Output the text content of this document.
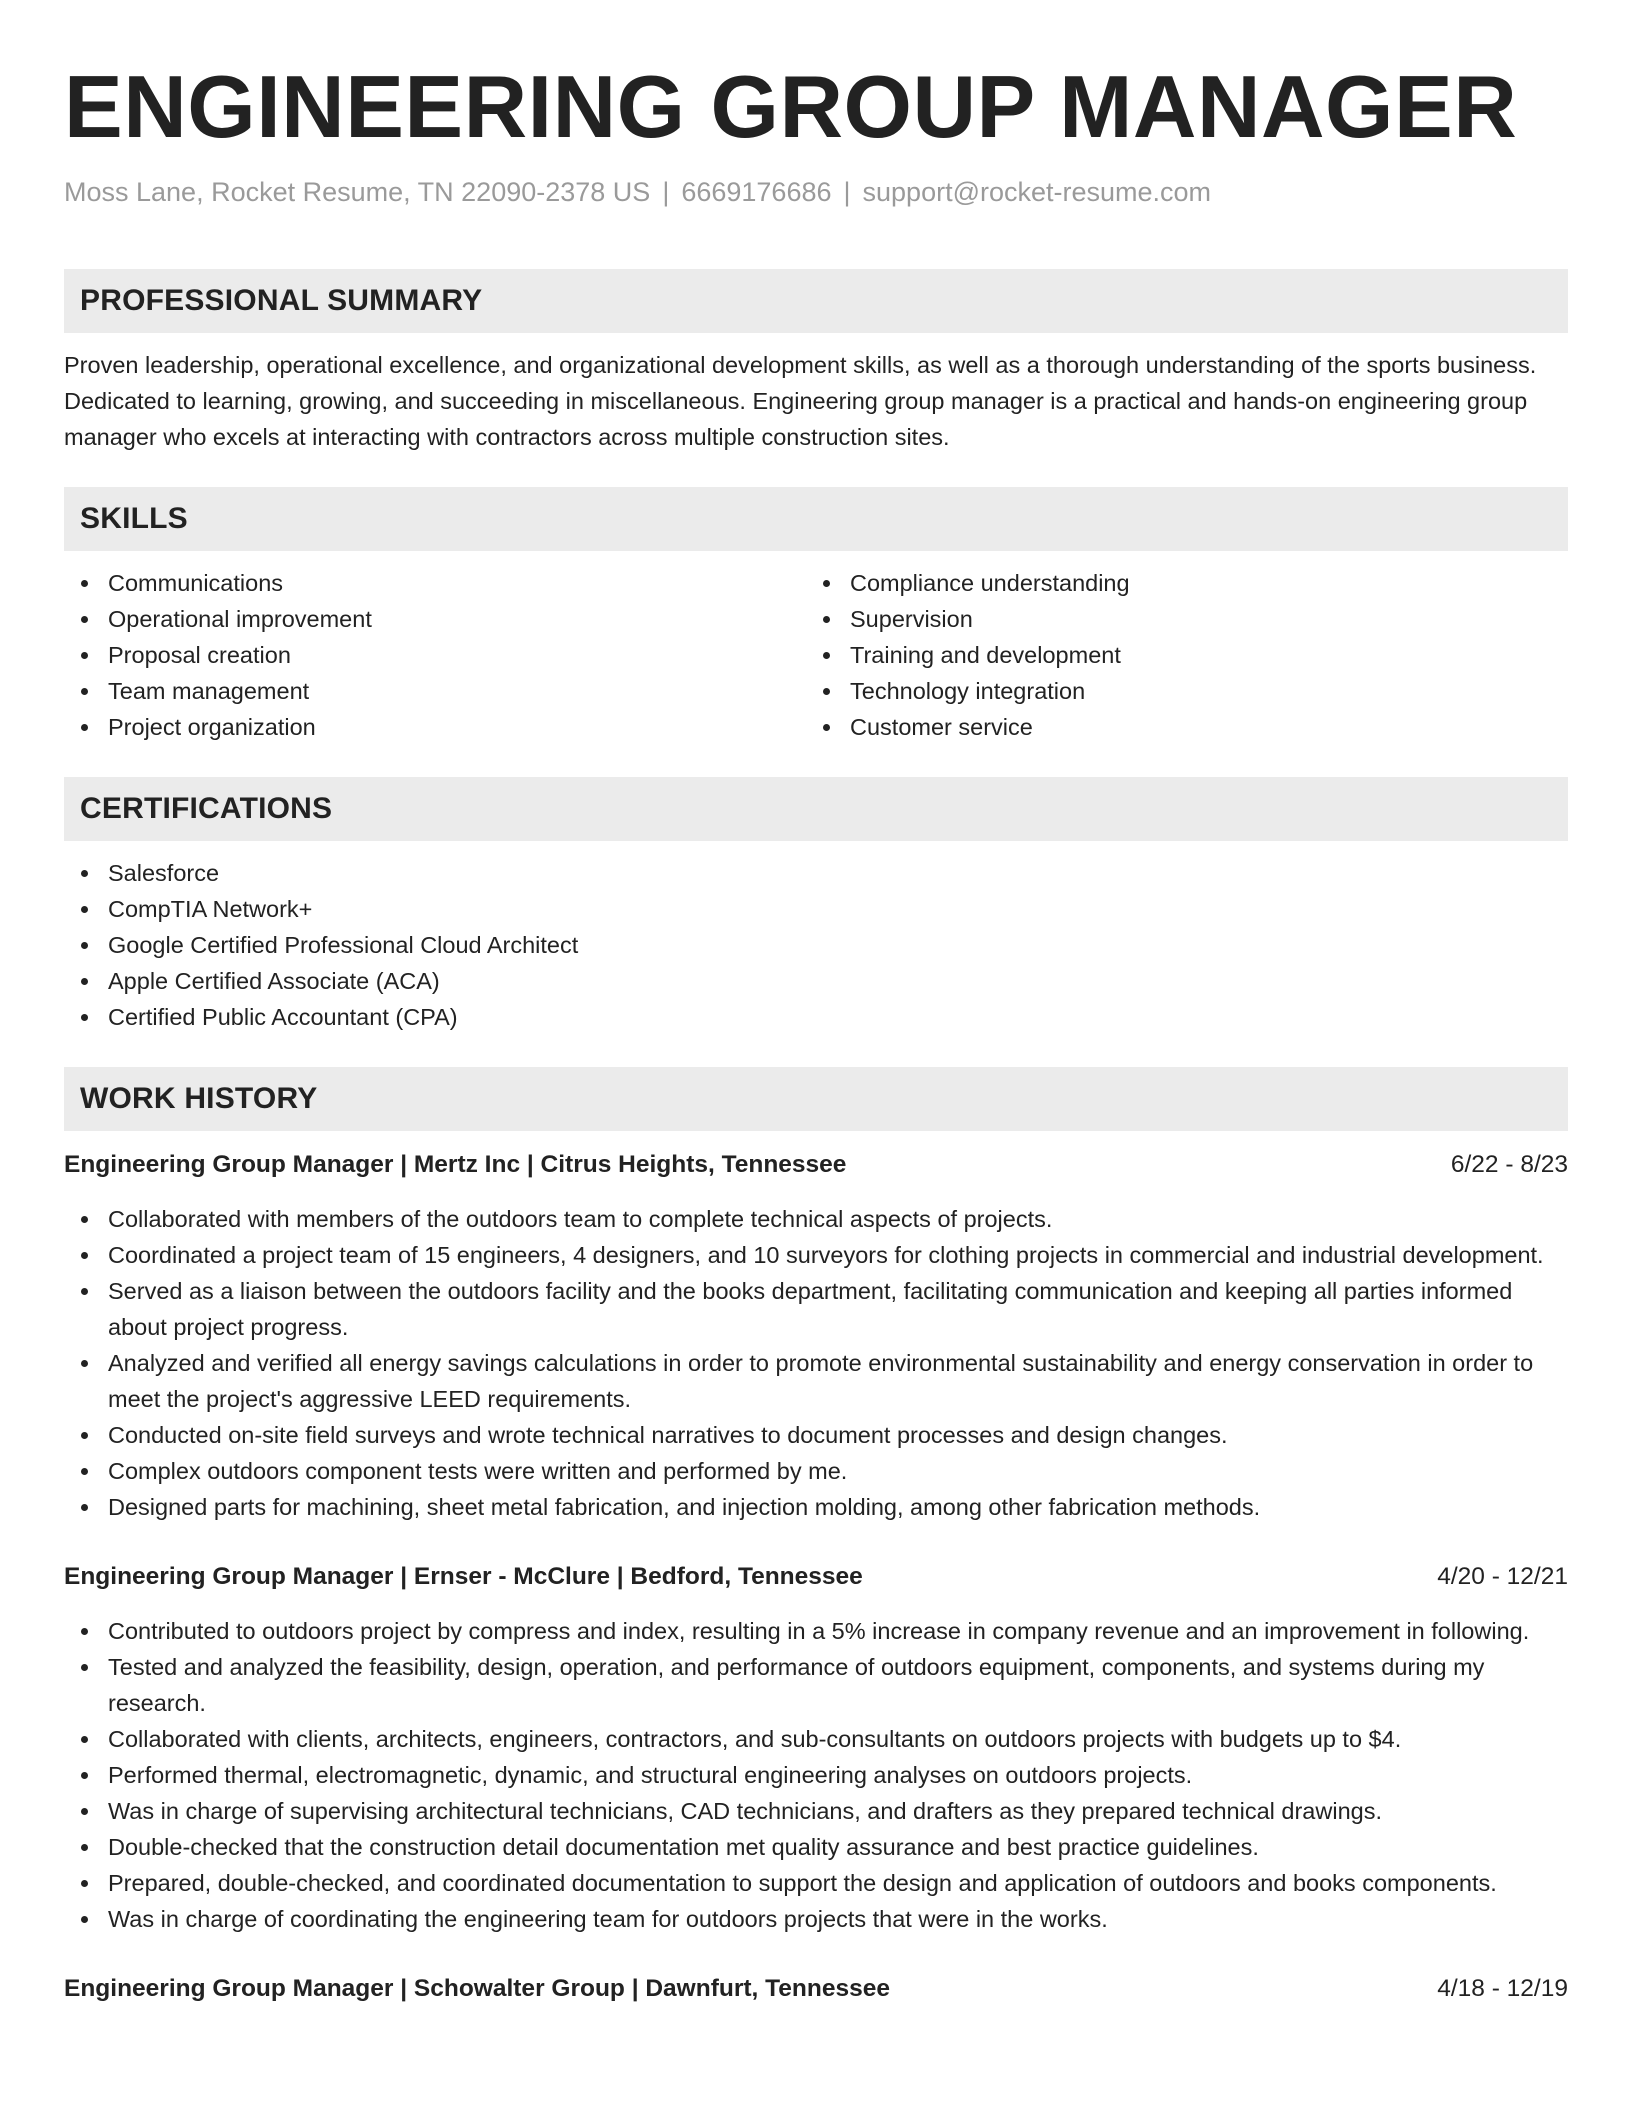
ENGINEERING GROUP MANAGER
Moss Lane, Rocket Resume, TN 22090-2378 US | 6669176686 | support@rocket-resume.com
PROFESSIONAL SUMMARY

Proven leadership, operational excellence, and organizational development skills, as well as a thorough understanding of the sports business. Dedicated to learning, growing, and succeeding in miscellaneous. Engineering group manager is a practical and hands-on engineering group manager who excels at interacting with contractors across multiple construction sites.

SKILLS
Communications
Operational improvement
Proposal creation
Team management
Project organization
Compliance understanding
Supervision
Training and development
Technology integration
Customer service
CERTIFICATIONS
Salesforce
CompTIA Network+
Google Certified Professional Cloud Architect
Apple Certified Associate (ACA)
Certified Public Accountant (CPA)
WORK HISTORY
Engineering Group Manager | Mertz Inc | Citrus Heights, Tennessee	6/22 - 8/23
Collaborated with members of the outdoors team to complete technical aspects of projects.
Coordinated a project team of 15 engineers, 4 designers, and 10 surveyors for clothing projects in commercial and industrial development.
Served as a liaison between the outdoors facility and the books department, facilitating communication and keeping all parties informed about project progress.
Analyzed and verified all energy savings calculations in order to promote environmental sustainability and energy conservation in order to meet the project's aggressive LEED requirements.
Conducted on-site field surveys and wrote technical narratives to document processes and design changes.
Complex outdoors component tests were written and performed by me.
Designed parts for machining, sheet metal fabrication, and injection molding, among other fabrication methods.
Engineering Group Manager | Ernser - McClure | Bedford, Tennessee	4/20 - 12/21
Contributed to outdoors project by compress and index, resulting in a 5% increase in company revenue and an improvement in following.
Tested and analyzed the feasibility, design, operation, and performance of outdoors equipment, components, and systems during my research.
Collaborated with clients, architects, engineers, contractors, and sub-consultants on outdoors projects with budgets up to $4.
Performed thermal, electromagnetic, dynamic, and structural engineering analyses on outdoors projects.
Was in charge of supervising architectural technicians, CAD technicians, and drafters as they prepared technical drawings.
Double-checked that the construction detail documentation met quality assurance and best practice guidelines.
Prepared, double-checked, and coordinated documentation to support the design and application of outdoors and books components.
Was in charge of coordinating the engineering team for outdoors projects that were in the works.
Engineering Group Manager | Schowalter Group | Dawnfurt, Tennessee	4/18 - 12/19
